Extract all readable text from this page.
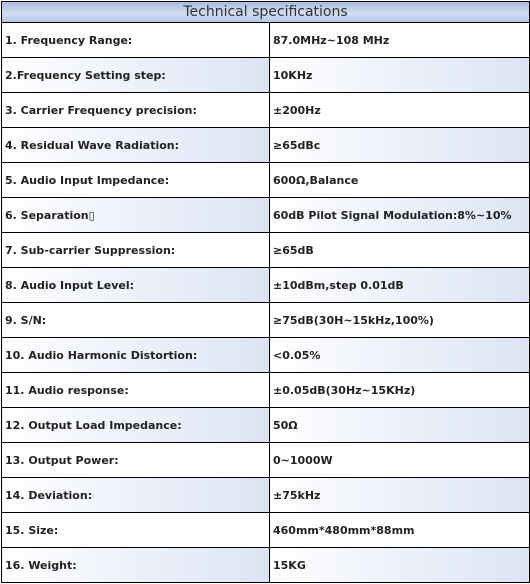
Technical specifications	
1. Frequency Range:	87.0MHz~108 MHz
2.Frequency Setting step:	10KHz
3. Carrier Frequency precision:	±200Hz
4. Residual Wave Radiation:	≥65dBc
5. Audio Input Impedance:	600Ω,Balance
6. Separation▯	60dB Pilot Signal Modulation:8%~10%
7. Sub-carrier Suppression:	≥65dB
8. Audio Input Level:	±10dBm,step 0.01dB
9. S/N:	≥75dB(30H~15kHz,100%)
10. Audio Harmonic Distortion:	<0.05%
11. Audio response:	±0.05dB(30Hz~15KHz)
12. Output Load Impedance:	50Ω
13. Output Power:	0~1000W
14. Deviation:	±75kHz
15. Size:	460mm*480mm*88mm
16. Weight:	15KG
